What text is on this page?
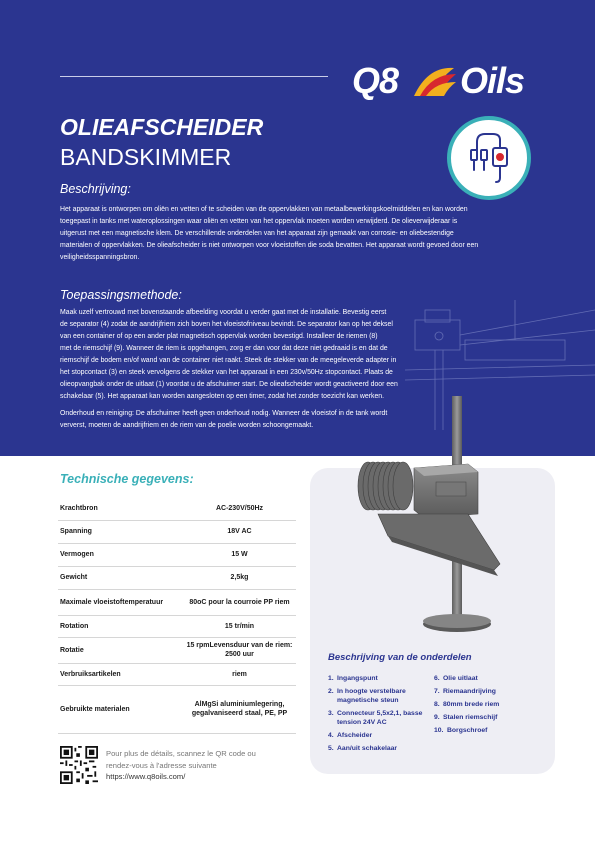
Q8 Oils
OLIEAFSCHEIDER
BANDSKIMMER
Beschrijving:
Het apparaat is ontworpen om oliën en vetten of te scheiden van de oppervlakken van metaalbewerkingskoelmiddelen en kan worden
toegepast in tanks met wateroplossingen waar oliën en vetten van het oppervlak moeten worden verwijderd. De olieverwijderaar is
uitgerust met een magnetische klem. De verschillende onderdelen van het apparaat zijn gemaakt van corrosie- en oliebestendige
materialen of oppervlakken. De olieafscheider is niet ontworpen voor vloeistoffen die soda bevatten. Het apparaat wordt gevoed door een
veiligheidsspanningsbron.
Toepassingsmethode:
Maak uzelf vertrouwd met bovenstaande afbeelding voordat u verder gaat met de installatie. Bevestig eerst
de separator (4) zodat de aandrijfriem zich boven het vloeistofniveau bevindt. De separator kan op het deksel
van een container of op een ander plat magnetisch oppervlak worden bevestigd. Installeer de riemen (8)
met de riemschijf (9). Wanneer de riem is opgehangen, zorg er dan voor dat deze niet gedraaid is en dat de
riemschijf de bodem en/of wand van de container niet raakt. Steek de stekker van de meegeleverde adapter in
het stopcontact (3) en steek vervolgens de stekker van het apparaat in een 230v/50Hz stopcontact. Plaats de
olieopvangbak onder de uitlaat (1) voordat u de afschuimer start. De olieafscheider wordt geactiveerd door een
schakelaar (5). Het apparaat kan worden aangesloten op een timer, zodat het zonder toezicht kan werken.
Onderhoud en reiniging: De afschuimer heeft geen onderhoud nodig. Wanneer de vloeistof in de tank wordt
ververst, moeten de aandrijfriem en de riem van de poelie worden schoongemaakt.
Technische gegevens:
Krachtbron	AC-230V/50Hz
Spanning	18V AC
Vermogen	15 W
Gewicht	2,5kg
Maximale vloeistoftemperatuur	80oC pour la courroie PP riem
Rotation	15 tr/min
Rotatie	15 rpmLevensduur van de riem: 2500 uur
Verbruiksartikelen	riem
Gebruikte materialen	AlMgSi aluminiumlegering, gegalvaniseerd staal, PE, PP
Pour plus de détails, scannez le QR code ou
rendez-vous à l'adresse suivante
https://www.q8oils.com/
Beschrijving van de onderdelen
1. Ingangspunt
2. In hoogte verstelbare magnetische steun
3. Connecteur 5,5x2,1, basse tension 24V AC
4. Afscheider
5. Aan/uit schakelaar
6. Olie uitlaat
7. Riemaandrijving
8. 80mm brede riem
9. Stalen riemschijf
10. Borgschroef
